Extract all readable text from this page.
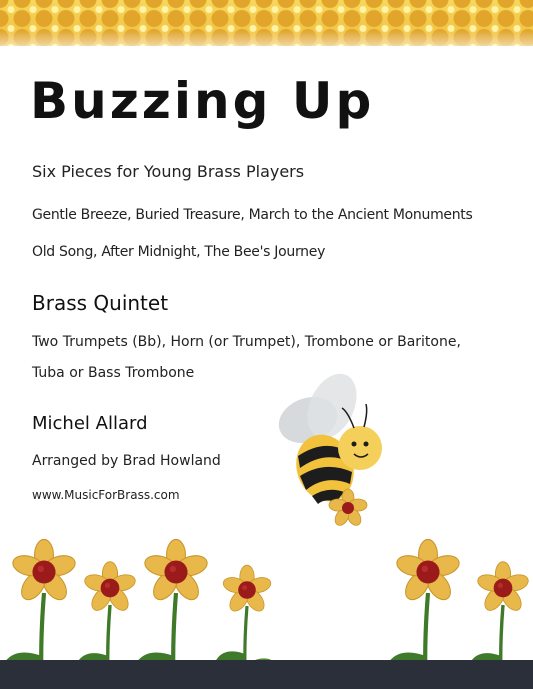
Buzzing Up
Six Pieces for Young Brass Players
Gentle Breeze, Buried Treasure, March to the Ancient Monuments
Old Song, After Midnight, The Bee's Journey
Brass Quintet
Two Trumpets (Bb), Horn (or Trumpet), Trombone or Baritone,
Tuba or Bass Trombone
Michel Allard
Arranged by Brad Howland
www.MusicForBrass.com
